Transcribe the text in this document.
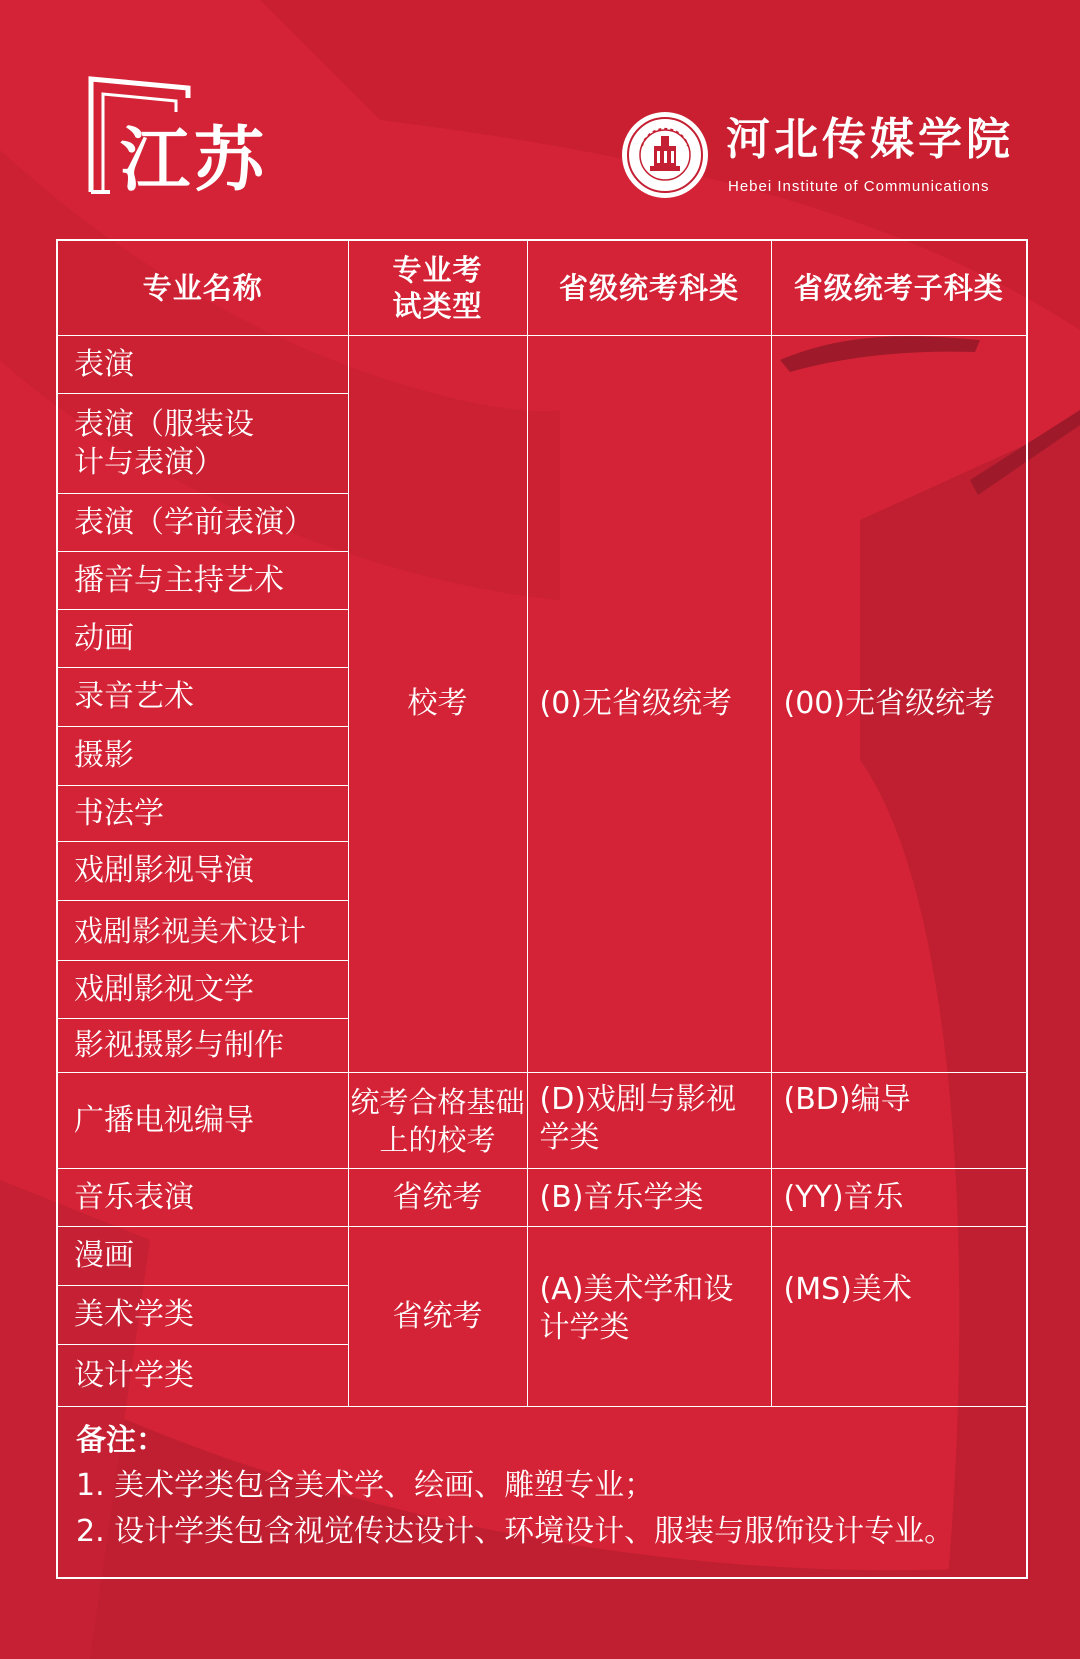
江苏	河北传媒学院
Hebei Institute of Communications
专业名称	专业考试类型	省级统考科类	省级统考子科类
表演	校考	(0)无省级统考	(00)无省级统考
表演（服装设计与表演）			
表演（学前表演）			
播音与主持艺术			
动画			
录音艺术			
摄影			
书法学			
戏剧影视导演			
戏剧影视美术设计			
戏剧影视文学			
影视摄影与制作			
广播电视编导	统考合格基础上的校考	(D)戏剧与影视学类	(BD)编导
音乐表演	省统考	(B)音乐学类	(YY)音乐
漫画	省统考	(A)美术学和设计学类	(MS)美术
美术学类			
设计学类			
备注：
1. 美术学类包含美术学、绘画、雕塑专业；
2. 设计学类包含视觉传达设计、环境设计、服装与服饰设计专业。
